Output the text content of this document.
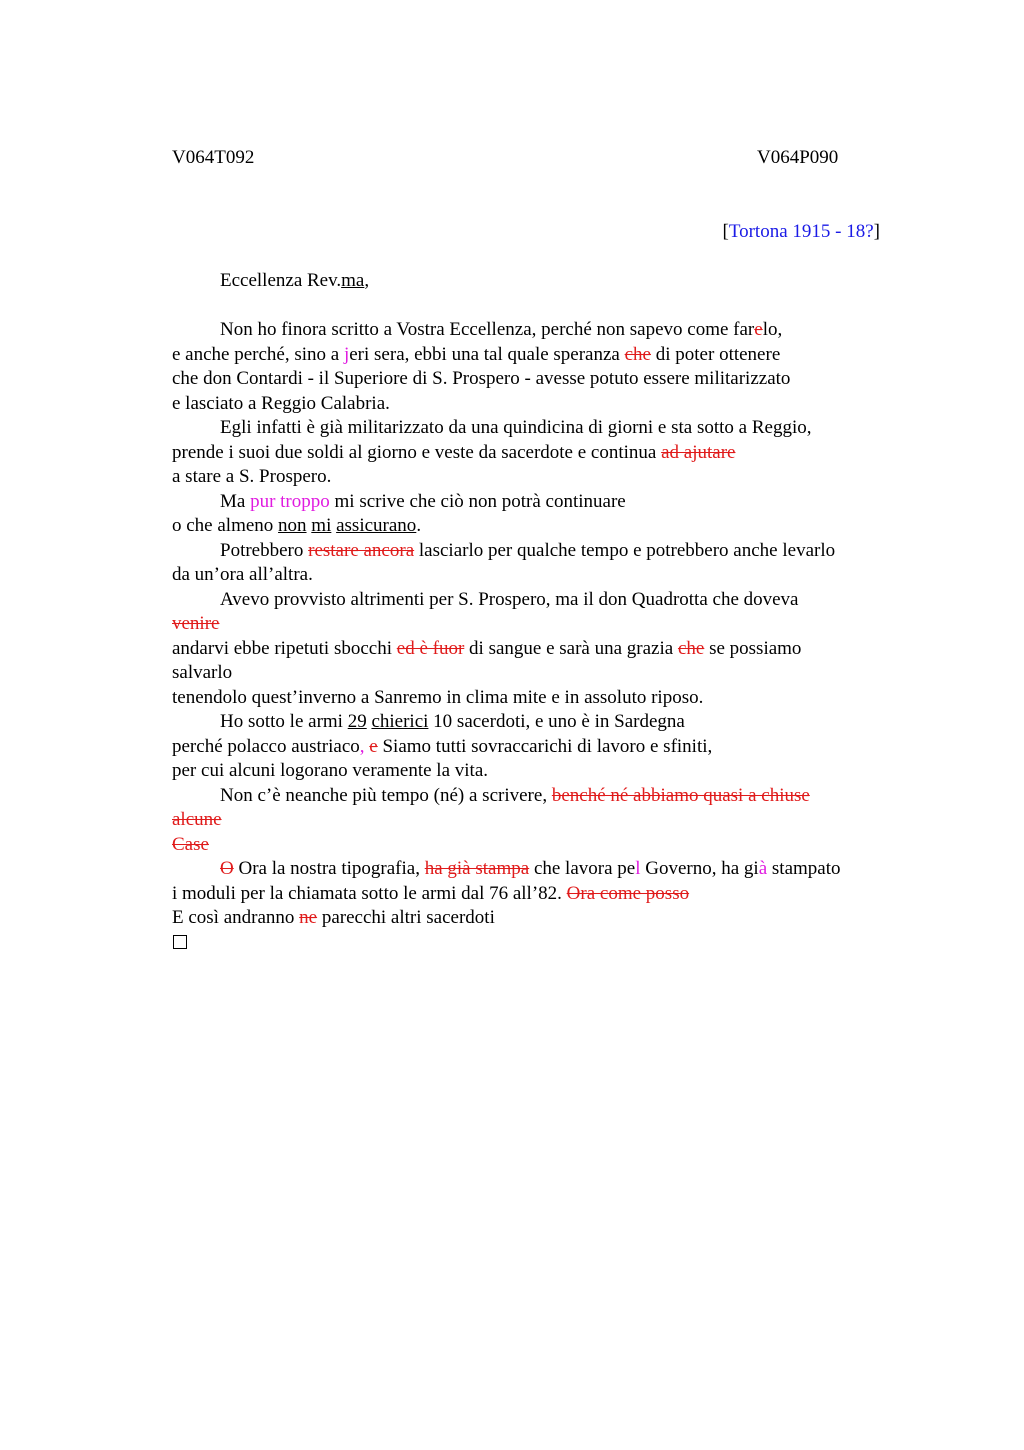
V064T092	V064P090
[Tortona 1915 - 18?]
Eccellenza Rev.ma,
Non ho finora scritto a Vostra Eccellenza, perché non sapevo come farelo,
e anche perché, sino a jeri sera, ebbi una tal quale speranza che di poter ottenere
che don Contardi - il Superiore di S. Prospero - avesse potuto essere militarizzato
e lasciato a Reggio Calabria.
Egli infatti è già militarizzato da una quindicina di giorni e sta sotto a Reggio,
prende i suoi due soldi al giorno e veste da sacerdote e continua ad ajutare
a stare a S. Prospero.
Ma pur troppo mi scrive che ciò non potrà continuare
o che almeno non mi assicurano.
Potrebbero restare ancora lasciarlo per qualche tempo e potrebbero anche levarlo
da un’ora all’altra.
Avevo provvisto altrimenti per S. Prospero, ma il don Quadrotta che doveva
venire
andarvi ebbe ripetuti sbocchi ed è fuor di sangue e sarà una grazia che se possiamo
salvarlo
tenendolo quest’inverno a Sanremo in clima mite e in assoluto riposo.
Ho sotto le armi 29 chierici 10 sacerdoti, e uno è in Sardegna
perché polacco austriaco, e Siamo tutti sovraccarichi di lavoro e sfiniti,
per cui alcuni logorano veramente la vita.
Non c’è neanche più tempo (né) a scrivere, benché né abbiamo quasi a chiuse
alcune
Case
O Ora la nostra tipografia, ha già stampa che lavora pel Governo, ha già stampato
i moduli per la chiamata sotto le armi dal 76 all’82. Ora come posso
E così andranno ne parecchi altri sacerdoti
